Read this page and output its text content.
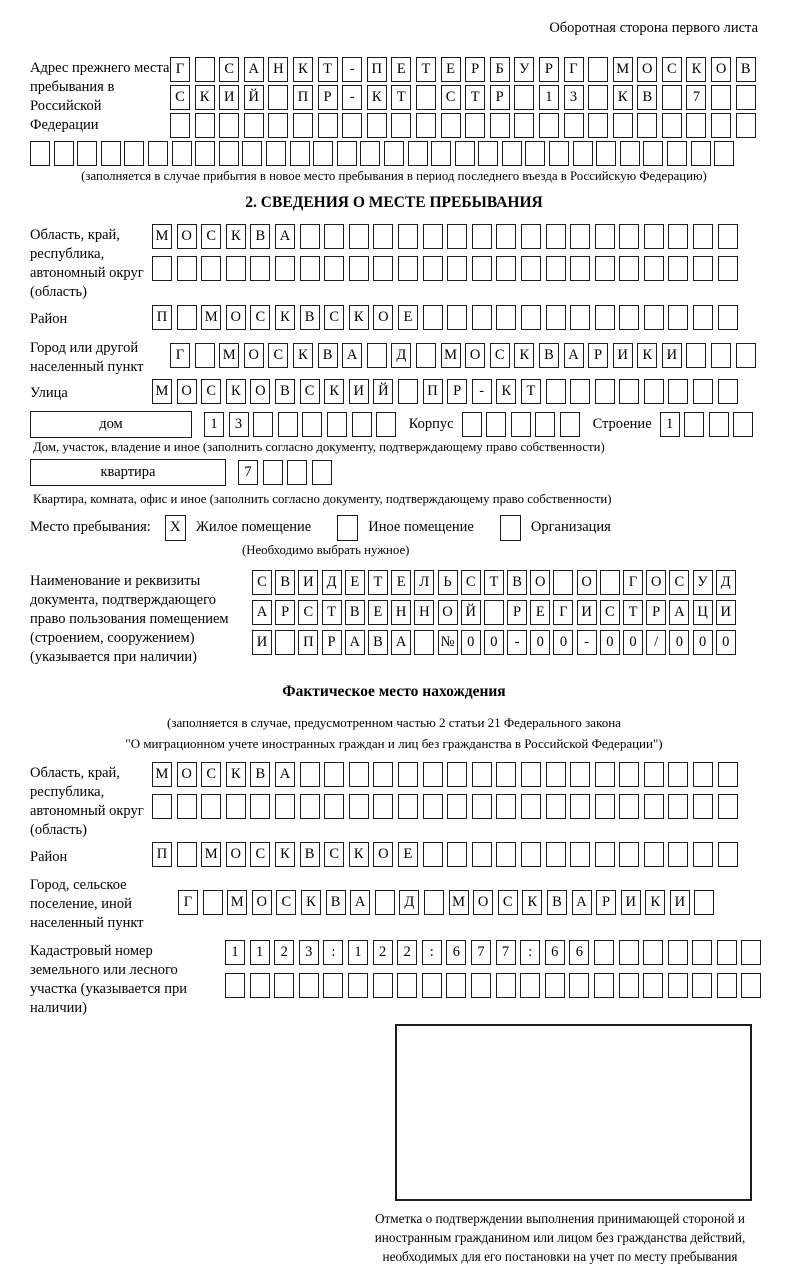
Оборотная сторона первого листа
Адрес прежнего места пребывания в Российской Федерации
Г	С А Н К Т - П Е Т Е Р Б У Р Г	М О С К О В
С К И Й	П Р - К Т	С Т Р	1 3	К В	7
(заполняется в случае прибытия в новое место пребывания в период последнего въезда в Российскую Федерацию)
2. СВЕДЕНИЯ О МЕСТЕ ПРЕБЫВАНИЯ
Область, край, республика, автономный округ (область)
М О С К В А
Район	П	М О С К В С К О Е
Город или другой населенный пункт
Г	М О С К В А	Д	М О С К В А Р И К И
Улица	М О С К О В С К И Й	П Р - К Т
дом	1 3	Корпус	Строение 1
Дом, участок, владение и иное (заполнить согласно документу, подтверждающему право собственности)
квартира	7
Квартира, комната, офис и иное (заполнить согласно документу, подтверждающему право собственности)
Место пребывания:	X	Жилое помещение	Иное помещение	Организация
(Необходимо выбрать нужное)
Наименование и реквизиты документа, подтверждающего право пользования помещением (строением, сооружением) (указывается при наличии)
С В И Д Е Т Е Л Ь С Т В О О	Г О С У Д
А Р С Т В Е Н Н О Й	Р Е Г И С Т Р А Ц И
И П Р А В А № 0 0 - 0 0 - 0 0 / 0 0 0
Фактическое место нахождения
(заполняется в случае, предусмотренном частью 2 статьи 21 Федерального закона
"О миграционном учете иностранных граждан и лиц без гражданства в Российской Федерации")
Область, край, республика, автономный округ (область)
М О С К В А
Район	П	М О С К В С К О Е
Город, сельское поселение, иной населенный пункт
Г	М О С К В А	Д	М О С К В А Р И К И
Кадастровый номер земельного или лесного участка (указывается при наличии)
1 1 2 3 : 1 2 2 : 6 7 7 : 6 6
Отметка о подтверждении выполнения принимающей стороной и иностранным гражданином или лицом без гражданства действий, необходимых для его постановки на учет по месту пребывания
